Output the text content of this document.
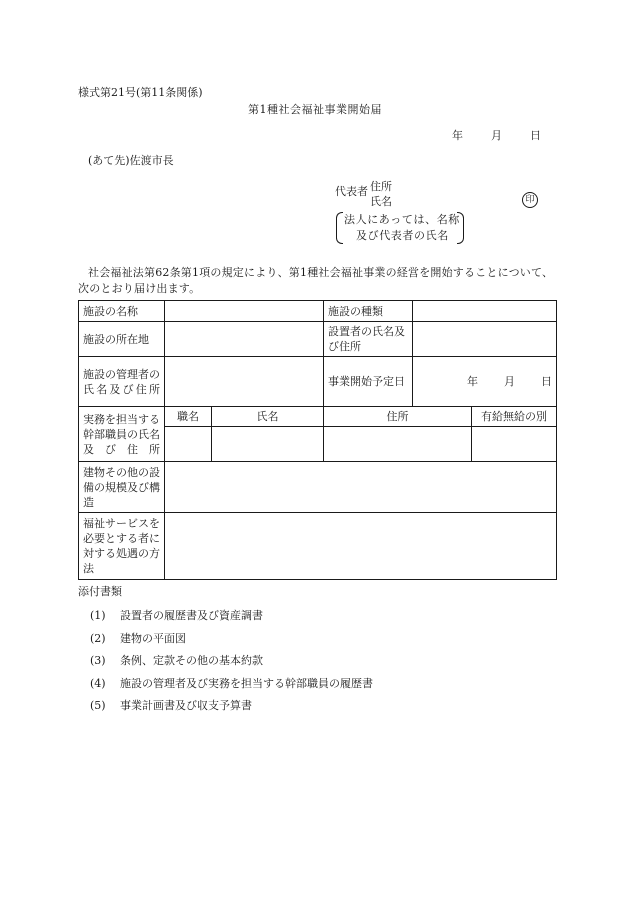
様式第21号(第11条関係)
第1種社会福祉事業開始届
年	月	日
(あて先)佐渡市長
代表者 住所
氏名	印
法人にあっては、名称
及び代表者の氏名
社会福祉法第62条第1項の規定により、第1種社会福祉事業の経営を開始することについて、次のとおり届け出ます。
施設の名称			施設の種類		
施設の所在地			設置者の氏名及び住所		
施設の管理者の氏名及び住所			事業開始予定日	年 月 日	
実務を担当する幹部職員の氏名及び住所	職名	氏名	住所		有給無給の別

建物その他の設備の規模及び構造					
福祉サービスを必要とする者に対する処遇の方法					
添付書類
(1) 設置者の履歴書及び資産調書
(2) 建物の平面図
(3) 条例、定款その他の基本約款
(4) 施設の管理者及び実務を担当する幹部職員の履歴書
(5) 事業計画書及び収支予算書
